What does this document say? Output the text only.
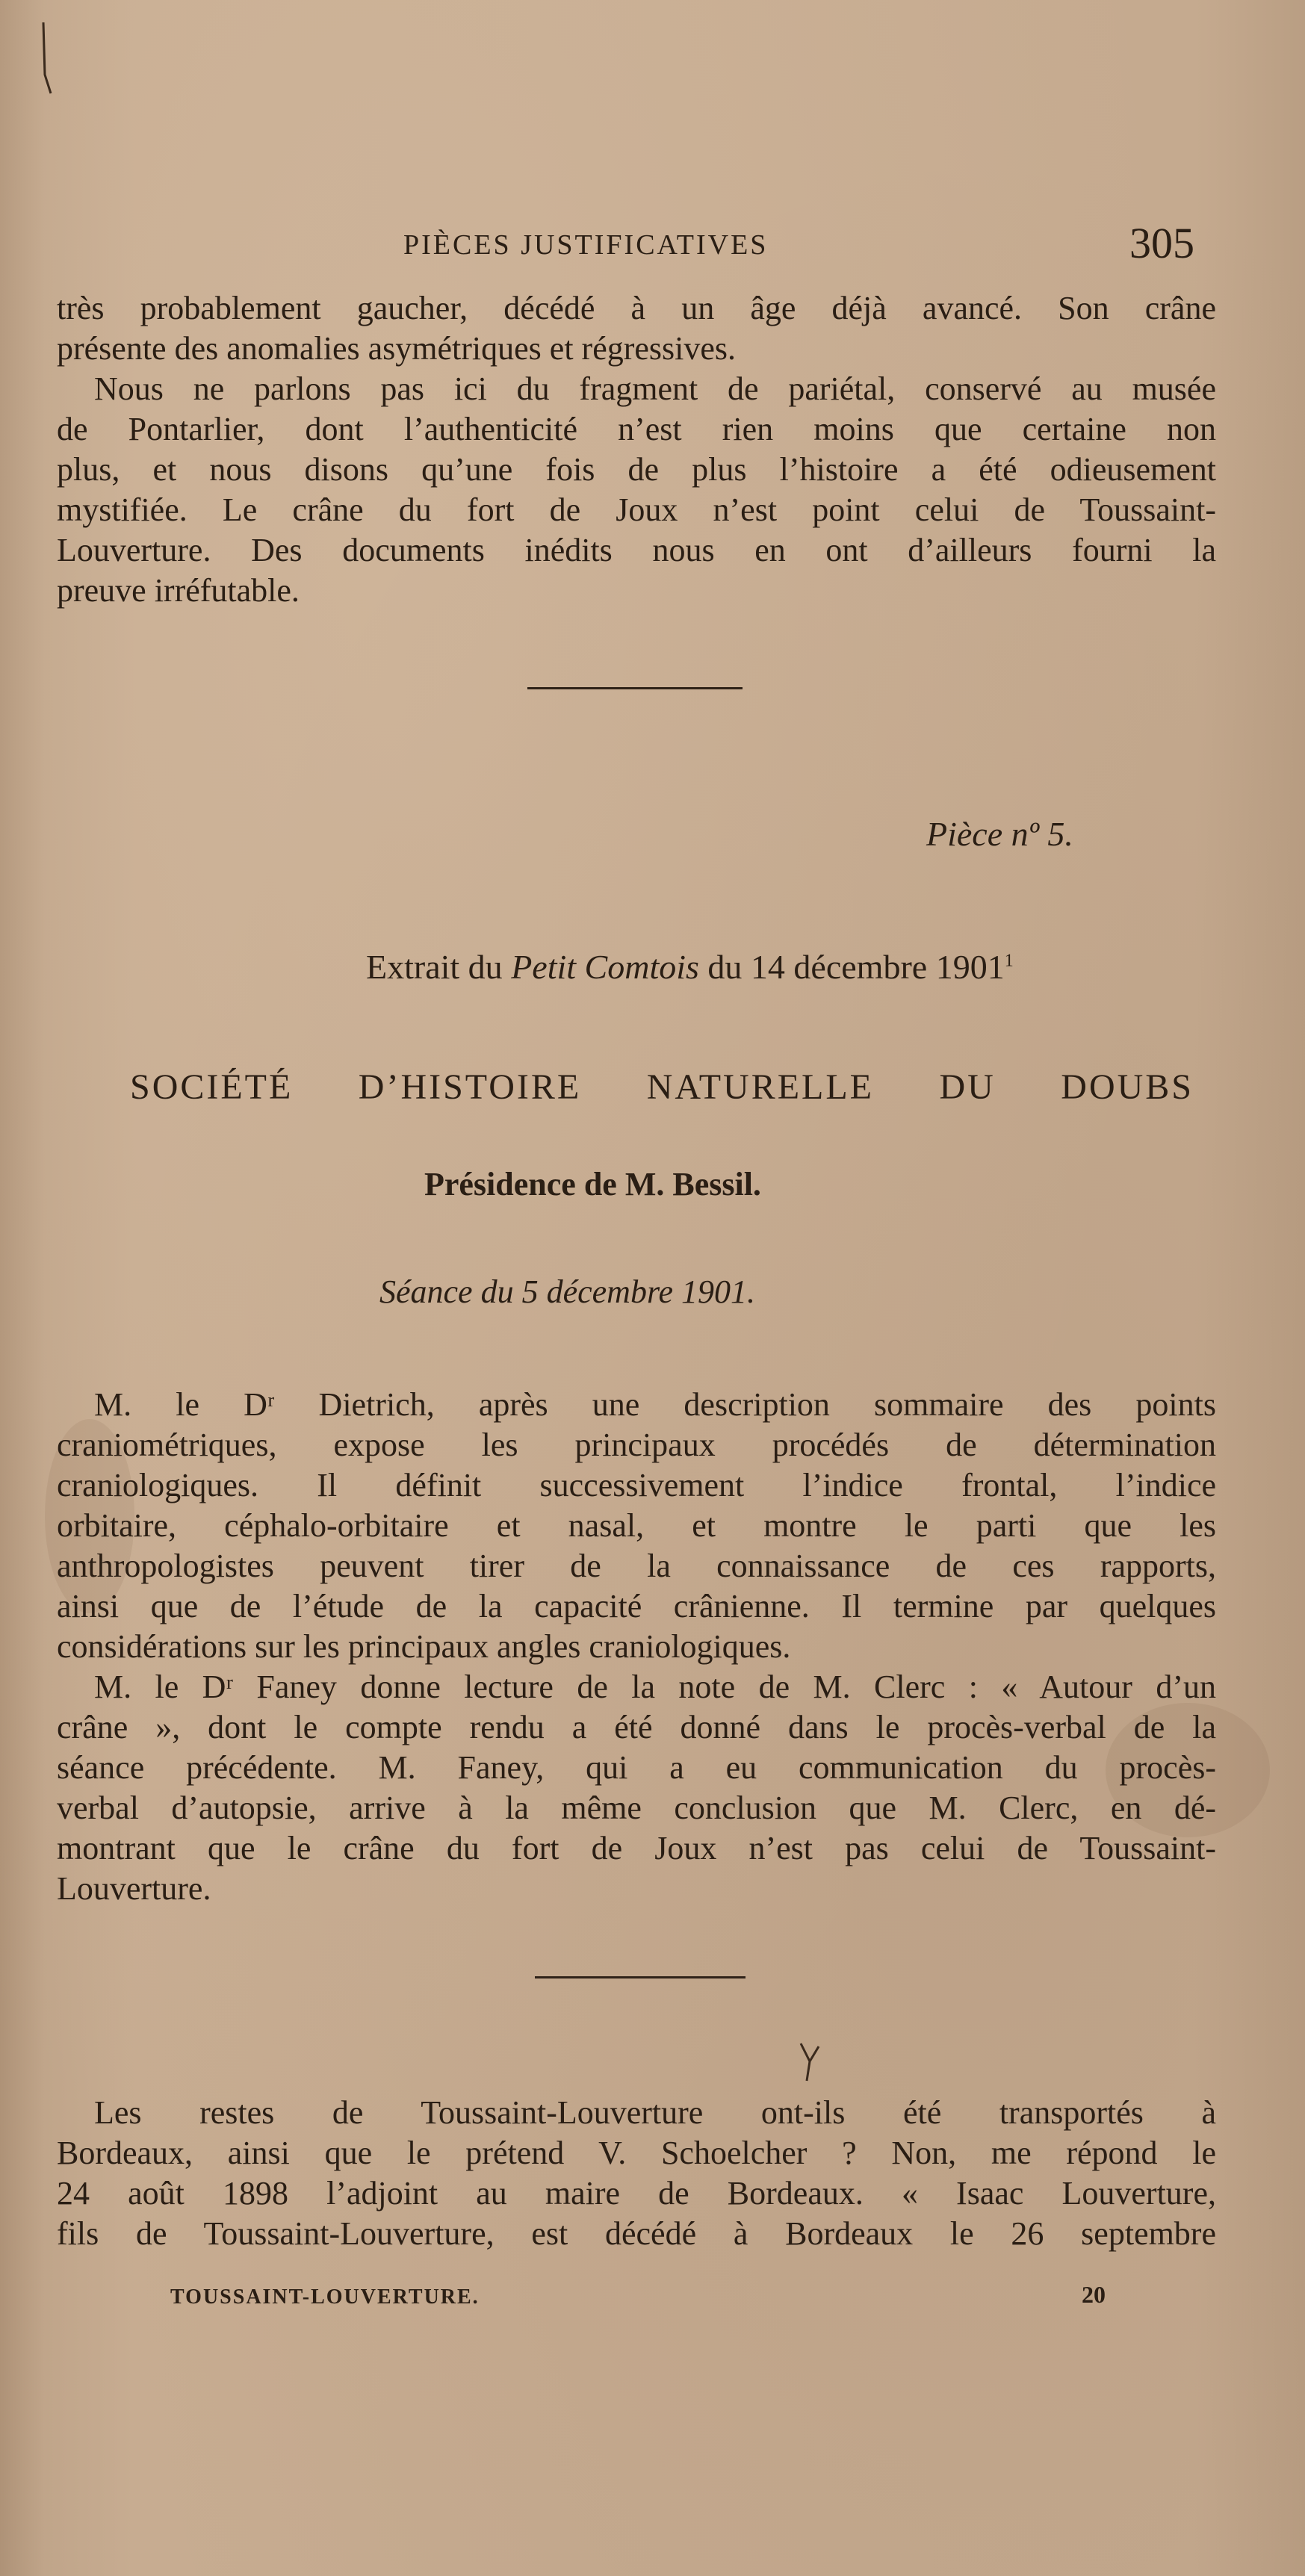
PIÈCES JUSTIFICATIVES	305
très probablement gaucher, décédé à un âge déjà avancé. Son crâne
présente des anomalies asymétriques et régressives.
Nous ne parlons pas ici du fragment de pariétal, conservé au musée
de Pontarlier, dont l’authenticité n’est rien moins que certaine non
plus, et nous disons qu’une fois de plus l’histoire a été odieusement
mystifiée. Le crâne du fort de Joux n’est point celui de Toussaint-
Louverture. Des documents inédits nous en ont d’ailleurs fourni la
preuve irréfutable.
Pièce nº 5.
Extrait du Petit Comtois du 14 décembre 1901$^1$
SOCIÉTÉ D’HISTOIRE NATURELLE DU DOUBS
Présidence de M. Bessil.
Séance du 5 décembre 1901.
M. le Dʳ Dietrich, après une description sommaire des points
craniométriques, expose les principaux procédés de détermination
craniologiques. Il définit successivement l’indice frontal, l’indice
orbitaire, céphalo-orbitaire et nasal, et montre le parti que les
anthropologistes peuvent tirer de la connaissance de ces rapports,
ainsi que de l’étude de la capacité crânienne. Il termine par quelques
considérations sur les principaux angles craniologiques.
M. le Dʳ Faney donne lecture de la note de M. Clerc : « Autour d’un
crâne », dont le compte rendu a été donné dans le procès-verbal de la
séance précédente. M. Faney, qui a eu communication du procès-
verbal d’autopsie, arrive à la même conclusion que M. Clerc, en dé-
montrant que le crâne du fort de Joux n’est pas celui de Toussaint-
Louverture.
Les restes de Toussaint-Louverture ont-ils été transportés à
Bordeaux, ainsi que le prétend V. Schoelcher ? Non, me répond le
24 août 1898 l’adjoint au maire de Bordeaux. « Isaac Louverture,
fils de Toussaint-Louverture, est décédé à Bordeaux le 26 septembre
TOUSSAINT-LOUVERTURE.	20
